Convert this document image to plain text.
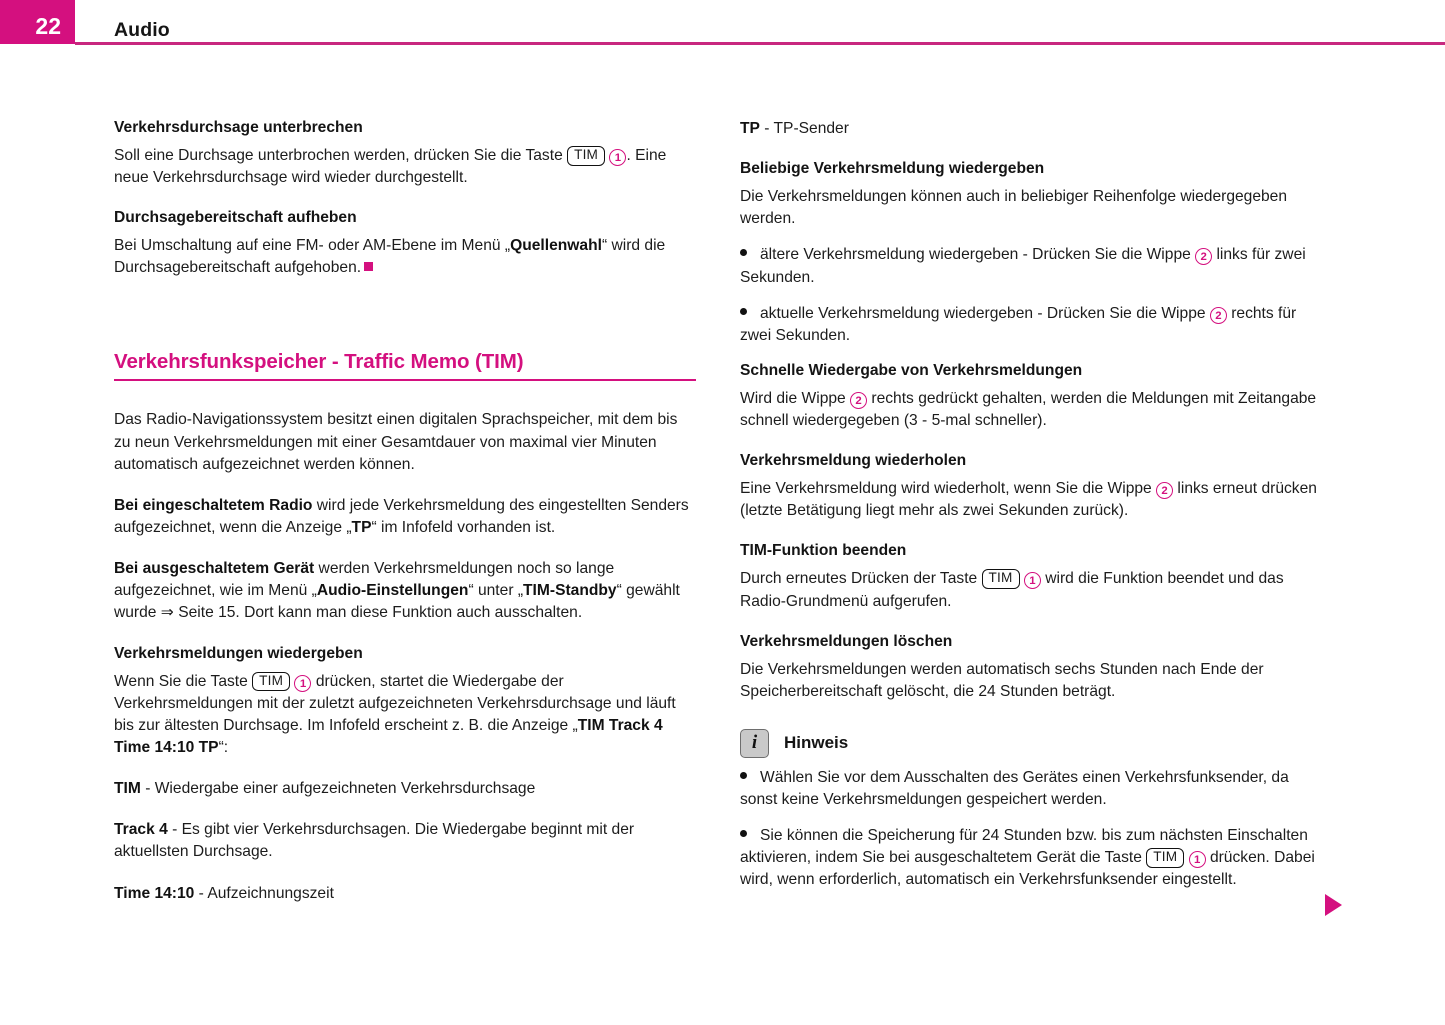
22	Audio
Verkehrsdurchsage unterbrechen

Soll eine Durchsage unterbrochen werden, drücken Sie die Taste TIM 1 . Eine neue Verkehrsdurchsage wird wieder durchgestellt.

Durchsagebereitschaft aufheben

Bei Umschaltung auf eine FM- oder AM-Ebene im Menü „Quellenwahl“ wird die Durchsagebereitschaft aufgehoben.

Verkehrsfunkspeicher - Traffic Memo (TIM)

Das Radio-Navigationssystem besitzt einen digitalen Sprachspeicher, mit dem bis zu neun Verkehrsmeldungen mit einer Gesamtdauer von maximal vier Minuten automatisch aufgezeichnet werden können.

Bei eingeschaltetem Radio wird jede Verkehrsmeldung des eingestellten Senders aufgezeichnet, wenn die Anzeige „TP“ im Infofeld vorhanden ist.

Bei ausgeschaltetem Gerät werden Verkehrsmeldungen noch so lange aufgezeichnet, wie im Menü „Audio-Einstellungen“ unter „TIM-Standby“ gewählt wurde ⇒ Seite 15. Dort kann man diese Funktion auch ausschalten.

Verkehrsmeldungen wiedergeben

Wenn Sie die Taste TIM 1 drücken, startet die Wiedergabe der Verkehrsmeldungen mit der zuletzt aufgezeichneten Verkehrsdurchsage und läuft bis zur ältesten Durchsage. Im Infofeld erscheint z. B. die Anzeige „TIM Track 4 Time 14:10 TP“:

TIM - Wiedergabe einer aufgezeichneten Verkehrsdurchsage

Track 4 - Es gibt vier Verkehrsdurchsagen. Die Wiedergabe beginnt mit der aktuellsten Durchsage.

Time 14:10 - Aufzeichnungszeit

TP - TP-Sender

Beliebige Verkehrsmeldung wiedergeben

Die Verkehrsmeldungen können auch in beliebiger Reihenfolge wiedergegeben werden.

ältere Verkehrsmeldung wiedergeben - Drücken Sie die Wippe 2 links für zwei Sekunden.

aktuelle Verkehrsmeldung wiedergeben - Drücken Sie die Wippe 2 rechts für zwei Sekunden.

Schnelle Wiedergabe von Verkehrsmeldungen

Wird die Wippe 2 rechts gedrückt gehalten, werden die Meldungen mit Zeitangabe schnell wiedergegeben (3 - 5-mal schneller).

Verkehrsmeldung wiederholen

Eine Verkehrsmeldung wird wiederholt, wenn Sie die Wippe 2 links erneut drücken (letzte Betätigung liegt mehr als zwei Sekunden zurück).

TIM-Funktion beenden

Durch erneutes Drücken der Taste TIM 1 wird die Funktion beendet und das Radio-Grundmenü aufgerufen.

Verkehrsmeldungen löschen

Die Verkehrsmeldungen werden automatisch sechs Stunden nach Ende der Speicherbereitschaft gelöscht, die 24 Stunden beträgt.

i	Hinweis

Wählen Sie vor dem Ausschalten des Gerätes einen Verkehrsfunksender, da sonst keine Verkehrsmeldungen gespeichert werden.

Sie können die Speicherung für 24 Stunden bzw. bis zum nächsten Einschalten aktivieren, indem Sie bei ausgeschaltetem Gerät die Taste TIM 1 drücken. Dabei wird, wenn erforderlich, automatisch ein Verkehrsfunksender eingestellt.
